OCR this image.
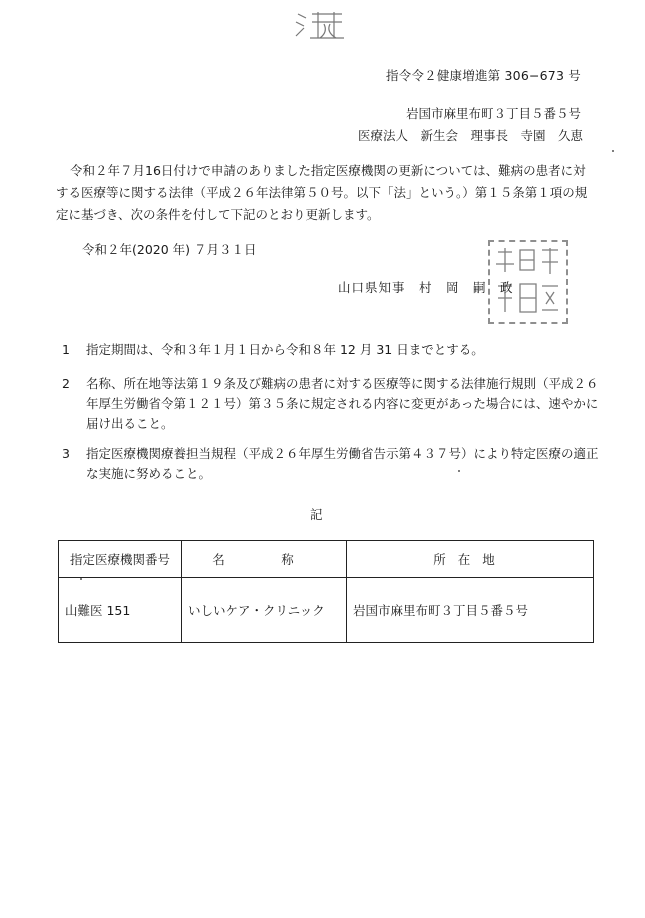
指令令２健康増進第 306−673 号
岩国市麻里布町３丁目５番５号
医療法人　新生会　理事長　寺園　久恵
令和２年７月16日付けで申請のありました指定医療機関の更新については、難病の患者に対する医療等に関する法律（平成２６年法律第５０号。以下「法」という。）第１５条第１項の規定に基づき、次の条件を付して下記のとおり更新します。
令和２年(2020 年) ７月３１日
山口県知事　村　岡　嗣　政
1 指定期間は、令和３年１月１日から令和８年 12 月 31 日までとする。
2 名称、所在地等法第１９条及び難病の患者に対する医療等に関する法律施行規則（平成２６年厚生労働省令第１２１号）第３５条に規定される内容に変更があった場合には、速やかに届け出ること。
3 指定医療機関療養担当規程（平成２６年厚生労働省告示第４３７号）により特定医療の適正な実施に努めること。
記
指定医療機関番号	名　称	所在地
山難医 151	いしいケア・クリニック	岩国市麻里布町３丁目５番５号
